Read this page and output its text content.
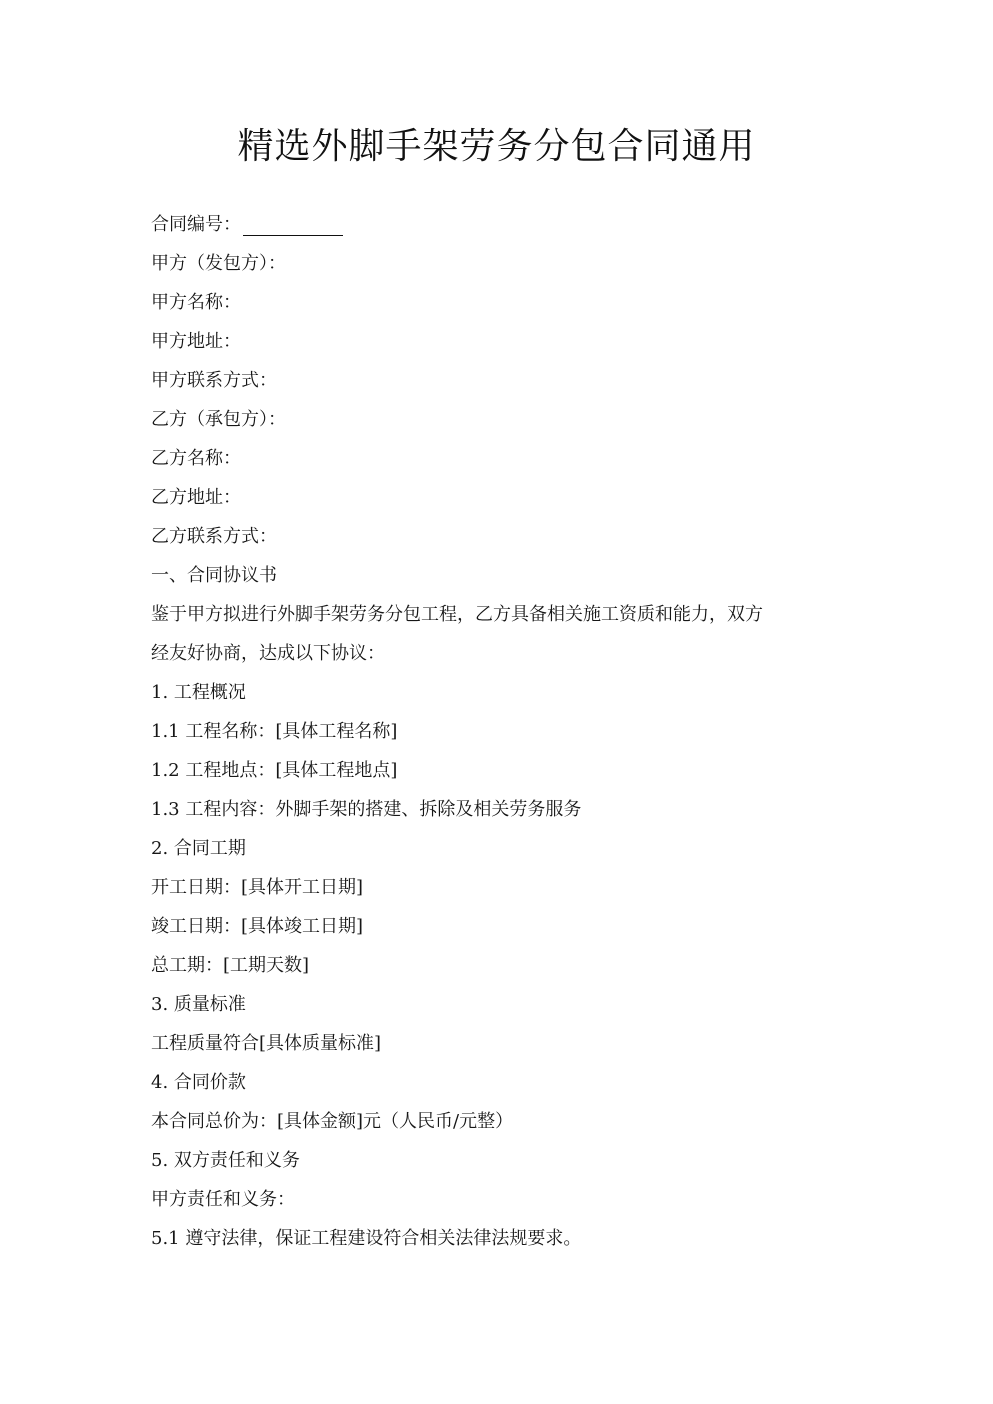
精选外脚手架劳务分包合同通用
合同编号：
甲方（发包方）：
甲方名称：
甲方地址：
甲方联系方式：
乙方（承包方）：
乙方名称：
乙方地址：
乙方联系方式：
一、合同协议书
鉴于甲方拟进行外脚手架劳务分包工程，乙方具备相关施工资质和能力，双方
经友好协商，达成以下协议：
1. 工程概况
1.1 工程名称：[具体工程名称]
1.2 工程地点：[具体工程地点]
1.3 工程内容：外脚手架的搭建、拆除及相关劳务服务
2. 合同工期
开工日期：[具体开工日期]
竣工日期：[具体竣工日期]
总工期：[工期天数]
3. 质量标准
工程质量符合[具体质量标准]
4. 合同价款
本合同总价为：[具体金额]元（人民币/元整）
5. 双方责任和义务
甲方责任和义务：
5.1 遵守法律，保证工程建设符合相关法律法规要求。
